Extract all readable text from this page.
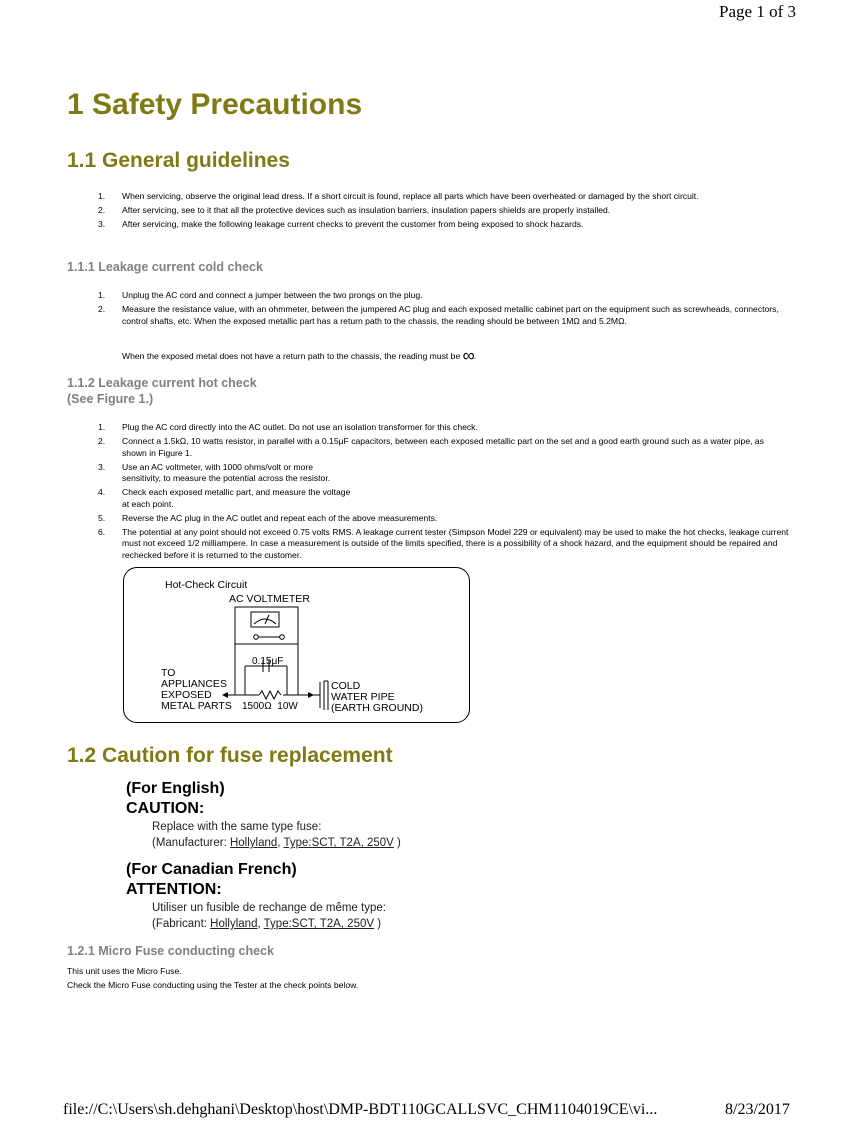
Page 1 of 3
1 Safety Precautions
1.1 General guidelines
1. When servicing, observe the original lead dress. If a short circuit is found, replace all parts which have been overheated or damaged by the short circuit.
2. After servicing, see to it that all the protective devices such as insulation barriers, insulation papers shields are properly installed.
3. After servicing, make the following leakage current checks to prevent the customer from being exposed to shock hazards.
1.1.1 Leakage current cold check
1. Unplug the AC cord and connect a jumper between the two prongs on the plug.
2. Measure the resistance value, with an ohmmeter, between the jumpered AC plug and each exposed metallic cabinet part on the equipment such as screwheads, connectors, control shafts, etc. When the exposed metallic part has a return path to the chassis, the reading should be between 1MΩ and 5.2MΩ.
When the exposed metal does not have a return path to the chassis, the reading must be ∞.
1.1.2 Leakage current hot check
(See Figure 1.)
1. Plug the AC cord directly into the AC outlet. Do not use an isolation transformer for this check.
2. Connect a 1.5kΩ, 10 watts resistor, in parallel with a 0.15μF capacitors, between each exposed metallic part on the set and a good earth ground such as a water pipe, as shown in Figure 1.
3. Use an AC voltmeter, with 1000 ohms/volt or more sensitivity, to measure the potential across the resistor.
4. Check each exposed metallic part, and measure the voltage at each point.
5. Reverse the AC plug in the AC outlet and repeat each of the above measurements.
6. The potential at any point should not exceed 0.75 volts RMS. A leakage current tester (Simpson Model 229 or equivalent) may be used to make the hot checks, leakage current must not exceed 1/2 milliampere. In case a measurement is outside of the limits specified, there is a possibility of a shock hazard, and the equipment should be repaired and rechecked before it is returned to the customer.
Hot-Check Circuit
AC VOLTMETER
0.15μF
TO
APPLIANCES
EXPOSED
METAL PARTS 1500Ω  10W
COLD
WATER PIPE
(EARTH GROUND)
1.2 Caution for fuse replacement
(For English)
CAUTION:
Replace with the same type fuse:
(Manufacturer: Hollyland, Type:SCT, T2A, 250V )
(For Canadian French)
ATTENTION:
Utiliser un fusible de rechange de même type:
(Fabricant: Hollyland, Type:SCT, T2A, 250V )
1.2.1 Micro Fuse conducting check
This unit uses the Micro Fuse.
Check the Micro Fuse conducting using the Tester at the check points below.
file://C:\Users\sh.dehghani\Desktop\host\DMP-BDT110GCALLSVC_CHM1104019CE\vi...	8/23/2017
